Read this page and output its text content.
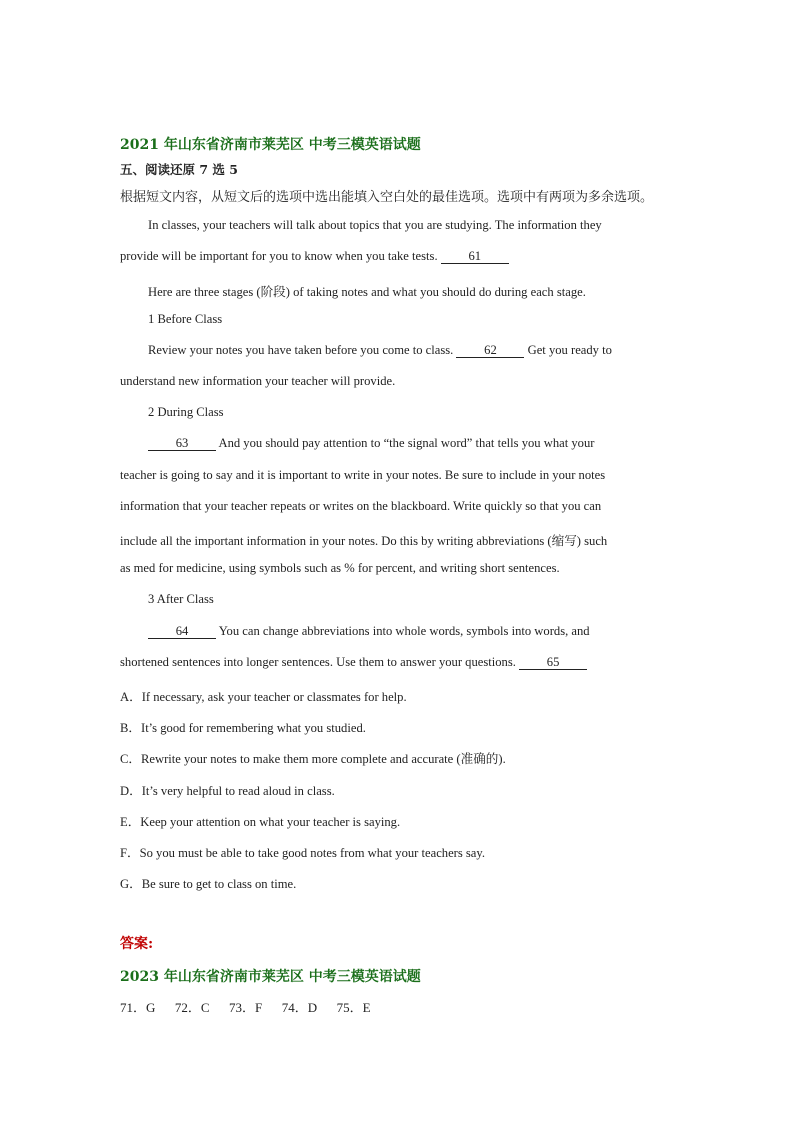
2021 年山东省济南市莱芜区 中考三模英语试题
五、阅读还原 7 选 5
根据短文内容，从短文后的选项中选出能填入空白处的最佳选项。选项中有两项为多余选项。
In classes, your teachers will talk about topics that you are studying. The information they
provide will be important for you to know when you take tests. 61
Here are three stages (阶段) of taking notes and what you should do during each stage.
1 Before Class
Review your notes you have taken before you come to class. 62 Get you ready to
understand new information your teacher will provide.
2 During Class
63 And you should pay attention to “the signal word” that tells you what your
teacher is going to say and it is important to write in your notes. Be sure to include in your notes
information that your teacher repeats or writes on the blackboard. Write quickly so that you can
include all the important information in your notes. Do this by writing abbreviations (缩写) such
as med for medicine, using symbols such as % for percent, and writing short sentences.
3 After Class
64 You can change abbreviations into whole words, symbols into words, and
shortened sentences into longer sentences. Use them to answer your questions. 65
A．If necessary, ask your teacher or classmates for help.
B．It’s good for remembering what you studied.
C．Rewrite your notes to make them more complete and accurate (准确的).
D．It’s very helpful to read aloud in class.
E．Keep your attention on what your teacher is saying.
F．So you must be able to take good notes from what your teachers say.
G．Be sure to get to class on time.
答案:
2023 年山东省济南市莱芜区 中考三模英语试题
71．G      72．C      73．F      74．D      75．E
